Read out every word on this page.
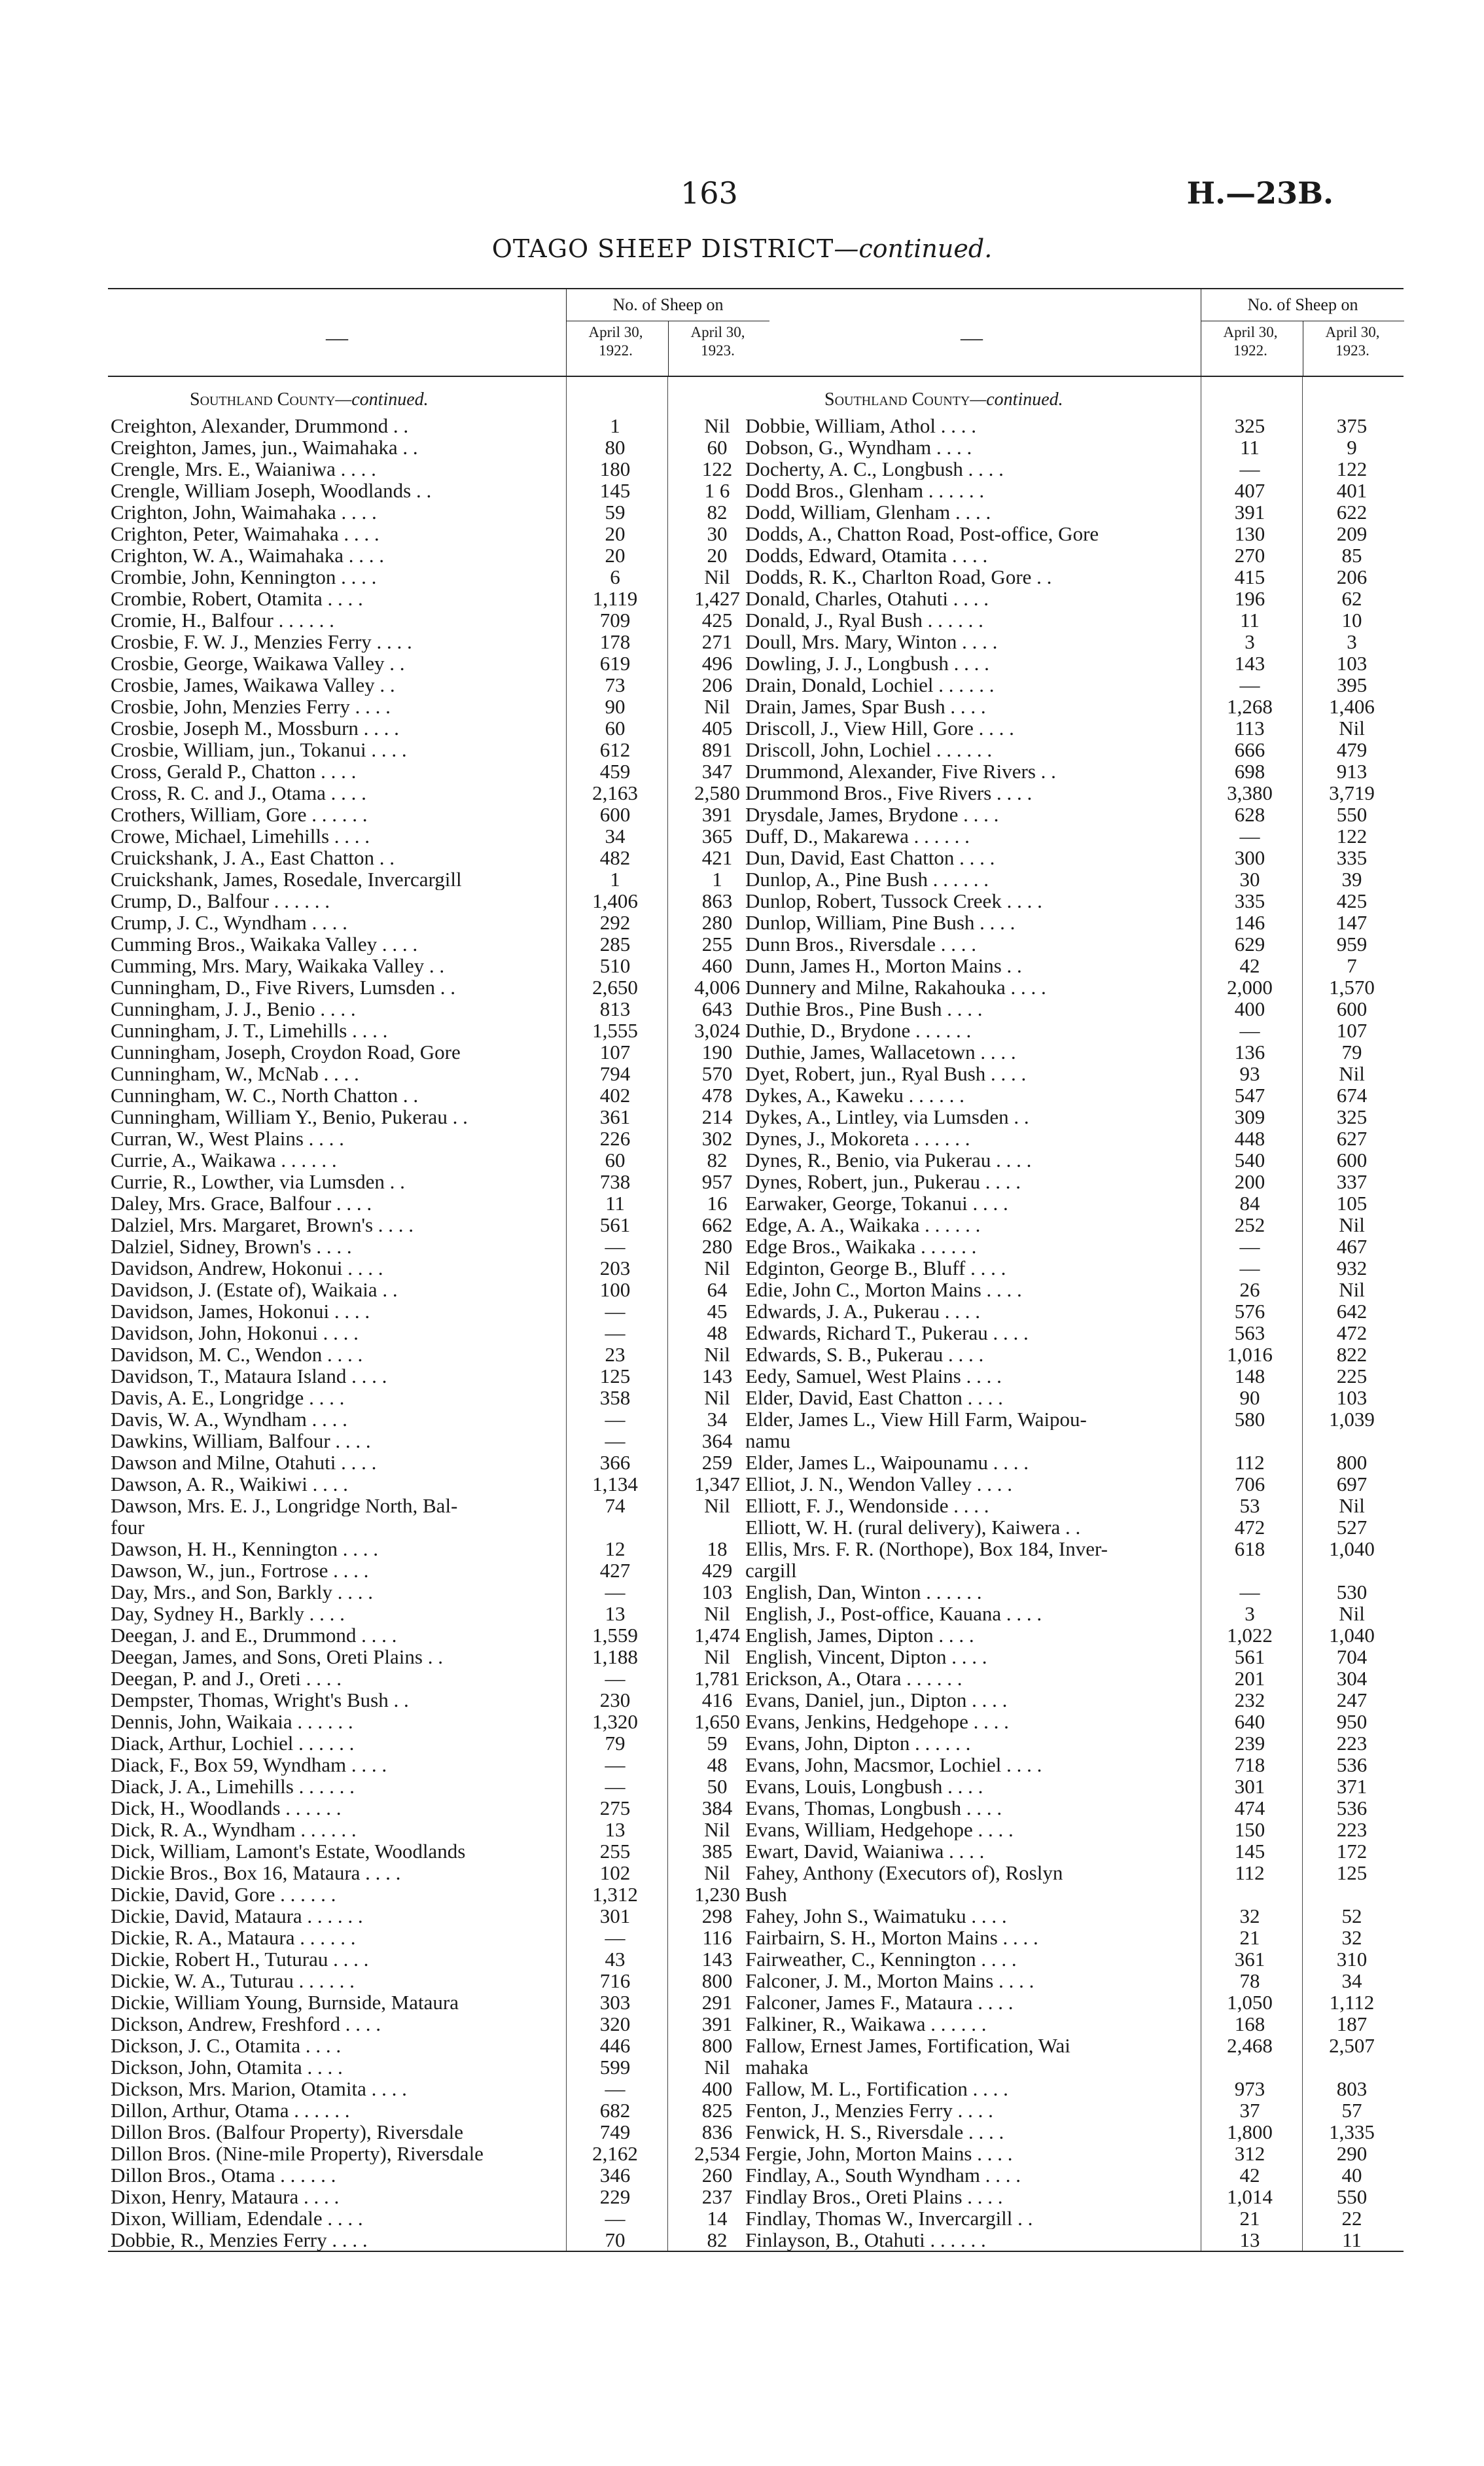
163	H.—23B.
OTAGO SHEEP DISTRICT—continued.
—
No. of Sheep on
April 30,
1922.
April 30,
1923.
Southland County—continued.
Creighton, Alexander, Drummond . .	1	Nil
Creighton, James, jun., Waimahaka . .	80	60
Crengle, Mrs. E., Waianiwa . . . .	180	122
Crengle, William Joseph, Woodlands . .	145	1 6
Crighton, John, Waimahaka . . . .	59	82
Crighton, Peter, Waimahaka . . . .	20	30
Crighton, W. A., Waimahaka . . . .	20	20
Crombie, John, Kennington . . . .	6	Nil
Crombie, Robert, Otamita . . . .	1,119	1,427
Cromie, H., Balfour . . . . . .	709	425
Crosbie, F. W. J., Menzies Ferry . . . .	178	271
Crosbie, George, Waikawa Valley . .	619	496
Crosbie, James, Waikawa Valley . .	73	206
Crosbie, John, Menzies Ferry . . . .	90	Nil
Crosbie, Joseph M., Mossburn . . . .	60	405
Crosbie, William, jun., Tokanui . . . .	612	891
Cross, Gerald P., Chatton . . . .	459	347
Cross, R. C. and J., Otama . . . .	2,163	2,580
Crothers, William, Gore . . . . . .	600	391
Crowe, Michael, Limehills . . . .	34	365
Cruickshank, J. A., East Chatton . .	482	421
Cruickshank, James, Rosedale, Invercargill	1	1
Crump, D., Balfour . . . . . .	1,406	863
Crump, J. C., Wyndham . . . .	292	280
Cumming Bros., Waikaka Valley . . . .	285	255
Cumming, Mrs. Mary, Waikaka Valley . .	510	460
Cunningham, D., Five Rivers, Lumsden . .	2,650	4,006
Cunningham, J. J., Benio . . . .	813	643
Cunningham, J. T., Limehills . . . .	1,555	3,024
Cunningham, Joseph, Croydon Road, Gore	107	190
Cunningham, W., McNab . . . .	794	570
Cunningham, W. C., North Chatton . .	402	478
Cunningham, William Y., Benio, Pukerau . .	361	214
Curran, W., West Plains . . . .	226	302
Currie, A., Waikawa . . . . . .	60	82
Currie, R., Lowther, via Lumsden . .	738	957
Daley, Mrs. Grace, Balfour . . . .	11	16
Dalziel, Mrs. Margaret, Brown's . . . .	561	662
Dalziel, Sidney, Brown's . . . .	—	280
Davidson, Andrew, Hokonui . . . .	203	Nil
Davidson, J. (Estate of), Waikaia . .	100	64
Davidson, James, Hokonui . . . .	—	45
Davidson, John, Hokonui . . . .	—	48
Davidson, M. C., Wendon . . . .	23	Nil
Davidson, T., Mataura Island . . . .	125	143
Davis, A. E., Longridge . . . .	358	Nil
Davis, W. A., Wyndham . . . .	—	34
Dawkins, William, Balfour . . . .	—	364
Dawson and Milne, Otahuti . . . .	366	259
Dawson, A. R., Waikiwi . . . .	1,134	1,347
Dawson, Mrs. E. J., Longridge North, Bal-	74	Nil
four
Dawson, H. H., Kennington . . . .	12	18
Dawson, W., jun., Fortrose . . . .	427	429
Day, Mrs., and Son, Barkly . . . .	—	103
Day, Sydney H., Barkly . . . .	13	Nil
Deegan, J. and E., Drummond . . . .	1,559	1,474
Deegan, James, and Sons, Oreti Plains . .	1,188	Nil
Deegan, P. and J., Oreti . . . .	—	1,781
Dempster, Thomas, Wright's Bush . .	230	416
Dennis, John, Waikaia . . . . . .	1,320	1,650
Diack, Arthur, Lochiel . . . . . .	79	59
Diack, F., Box 59, Wyndham . . . .	—	48
Diack, J. A., Limehills . . . . . .	—	50
Dick, H., Woodlands . . . . . .	275	384
Dick, R. A., Wyndham . . . . . .	13	Nil
Dick, William, Lamont's Estate, Woodlands	255	385
Dickie Bros., Box 16, Mataura . . . .	102	Nil
Dickie, David, Gore . . . . . .	1,312	1,230
Dickie, David, Mataura . . . . . .	301	298
Dickie, R. A., Mataura . . . . . .	—	116
Dickie, Robert H., Tuturau . . . .	43	143
Dickie, W. A., Tuturau . . . . . .	716	800
Dickie, William Young, Burnside, Mataura	303	291
Dickson, Andrew, Freshford . . . .	320	391
Dickson, J. C., Otamita . . . .	446	800
Dickson, John, Otamita . . . .	599	Nil
Dickson, Mrs. Marion, Otamita . . . .	—	400
Dillon, Arthur, Otama . . . . . .	682	825
Dillon Bros. (Balfour Property), Riversdale	749	836
Dillon Bros. (Nine-mile Property), Riversdale	2,162	2,534
Dillon Bros., Otama . . . . . .	346	260
Dixon, Henry, Mataura . . . .	229	237
Dixon, William, Edendale . . . .	—	14
Dobbie, R., Menzies Ferry . . . .	70	82
—
No. of Sheep on
April 30,
1922.
April 30,
1923.
Southland County—continued.
Dobbie, William, Athol . . . .	325	375
Dobson, G., Wyndham . . . .	11	9
Docherty, A. C., Longbush . . . .	—	122
Dodd Bros., Glenham . . . . . .	407	401
Dodd, William, Glenham . . . .	391	622
Dodds, A., Chatton Road, Post-office, Gore	130	209
Dodds, Edward, Otamita . . . .	270	85
Dodds, R. K., Charlton Road, Gore . .	415	206
Donald, Charles, Otahuti . . . .	196	62
Donald, J., Ryal Bush . . . . . .	11	10
Doull, Mrs. Mary, Winton . . . .	3	3
Dowling, J. J., Longbush . . . .	143	103
Drain, Donald, Lochiel . . . . . .	—	395
Drain, James, Spar Bush . . . .	1,268	1,406
Driscoll, J., View Hill, Gore . . . .	113	Nil
Driscoll, John, Lochiel . . . . . .	666	479
Drummond, Alexander, Five Rivers . .	698	913
Drummond Bros., Five Rivers . . . .	3,380	3,719
Drysdale, James, Brydone . . . .	628	550
Duff, D., Makarewa . . . . . .	—	122
Dun, David, East Chatton . . . .	300	335
Dunlop, A., Pine Bush . . . . . .	30	39
Dunlop, Robert, Tussock Creek . . . .	335	425
Dunlop, William, Pine Bush . . . .	146	147
Dunn Bros., Riversdale . . . .	629	959
Dunn, James H., Morton Mains . .	42	7
Dunnery and Milne, Rakahouka . . . .	2,000	1,570
Duthie Bros., Pine Bush . . . .	400	600
Duthie, D., Brydone . . . . . .	—	107
Duthie, James, Wallacetown . . . .	136	79
Dyet, Robert, jun., Ryal Bush . . . .	93	Nil
Dykes, A., Kaweku . . . . . .	547	674
Dykes, A., Lintley, via Lumsden . .	309	325
Dynes, J., Mokoreta . . . . . .	448	627
Dynes, R., Benio, via Pukerau . . . .	540	600
Dynes, Robert, jun., Pukerau . . . .	200	337
Earwaker, George, Tokanui . . . .	84	105
Edge, A. A., Waikaka . . . . . .	252	Nil
Edge Bros., Waikaka . . . . . .	—	467
Edginton, George B., Bluff . . . .	—	932
Edie, John C., Morton Mains . . . .	26	Nil
Edwards, J. A., Pukerau . . . .	576	642
Edwards, Richard T., Pukerau . . . .	563	472
Edwards, S. B., Pukerau . . . .	1,016	822
Eedy, Samuel, West Plains . . . .	148	225
Elder, David, East Chatton . . . .	90	103
Elder, James L., View Hill Farm, Waipou-	580	1,039
namu
Elder, James L., Waipounamu . . . .	112	800
Elliot, J. N., Wendon Valley . . . .	706	697
Elliott, F. J., Wendonside . . . .	53	Nil
Elliott, W. H. (rural delivery), Kaiwera . .	472	527
Ellis, Mrs. F. R. (Northope), Box 184, Inver-	618	1,040
cargill
English, Dan, Winton . . . . . .	—	530
English, J., Post-office, Kauana . . . .	3	Nil
English, James, Dipton . . . .	1,022	1,040
English, Vincent, Dipton . . . .	561	704
Erickson, A., Otara . . . . . .	201	304
Evans, Daniel, jun., Dipton . . . .	232	247
Evans, Jenkins, Hedgehope . . . .	640	950
Evans, John, Dipton . . . . . .	239	223
Evans, John, Macsmor, Lochiel . . . .	718	536
Evans, Louis, Longbush . . . .	301	371
Evans, Thomas, Longbush . . . .	474	536
Evans, William, Hedgehope . . . .	150	223
Ewart, David, Waianiwa . . . .	145	172
Fahey, Anthony (Executors of), Roslyn	112	125
Bush
Fahey, John S., Waimatuku . . . .	32	52
Fairbairn, S. H., Morton Mains . . . .	21	32
Fairweather, C., Kennington . . . .	361	310
Falconer, J. M., Morton Mains . . . .	78	34
Falconer, James F., Mataura . . . .	1,050	1,112
Falkiner, R., Waikawa . . . . . .	168	187
Fallow, Ernest James, Fortification, Wai	2,468	2,507
mahaka
Fallow, M. L., Fortification . . . .	973	803
Fenton, J., Menzies Ferry . . . .	37	57
Fenwick, H. S., Riversdale . . . .	1,800	1,335
Fergie, John, Morton Mains . . . .	312	290
Findlay, A., South Wyndham . . . .	42	40
Findlay Bros., Oreti Plains . . . .	1,014	550
Findlay, Thomas W., Invercargill . .	21	22
Finlayson, B., Otahuti . . . . . .	13	11
